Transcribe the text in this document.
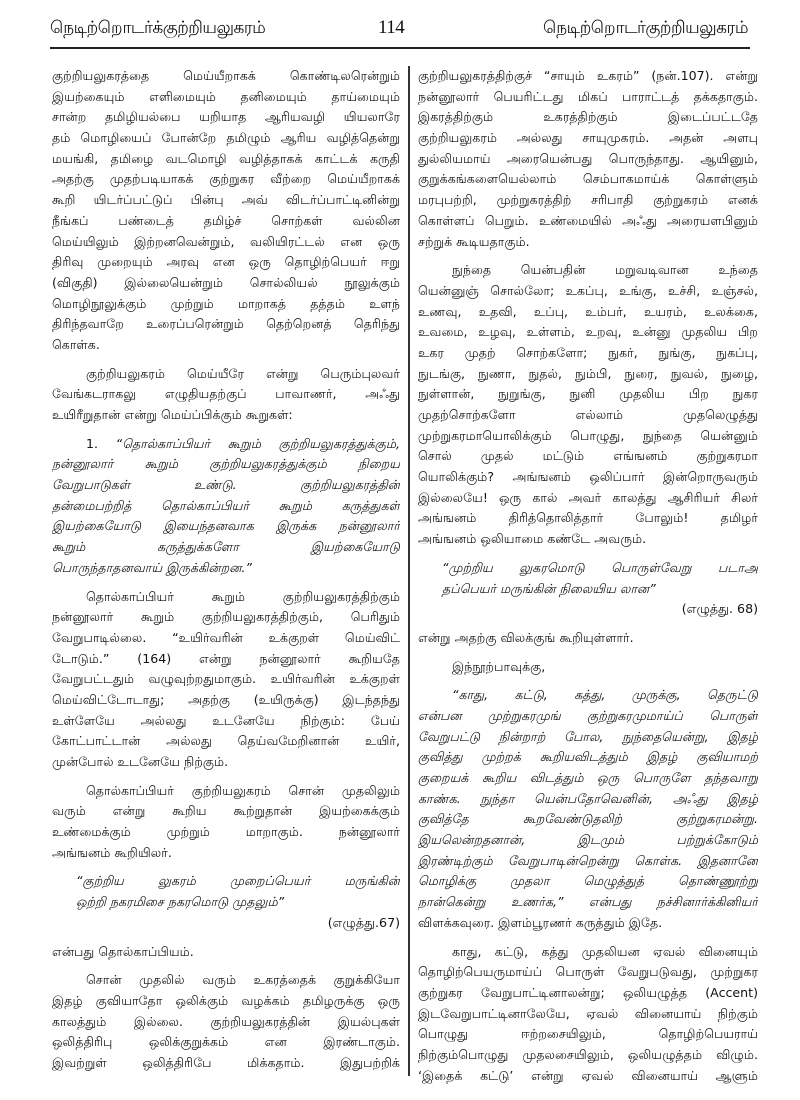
நெடிற்றொடர்க்குற்றியலுகரம்	114	நெடிற்றொடர்குற்றியலுகரம்
குற்றியலுகரத்தை மெய்யீறாகக் கொண்டிலரென்றும்
இயற்கையும் எளிமையும் தனிமையும் தாய்மையும்
சான்ற தமிழியல்பை யறியாத ஆரியவழி யியலாரே
தம் மொழியைப் போன்றே தமிழும் ஆரிய வழித்தென்று
மயங்கி, தமிழை வடமொழி வழித்தாகக் காட்டக் கருதி
அதற்கு முதற்படியாகக் குற்றுகர வீற்றை மெய்யீறாகக்
கூறி யிடர்ப்பட்டுப் பின்பு அவ் விடர்ப்பாட்டினின்று
நீங்கப் பண்டைத் தமிழ்ச் சொற்கள் வல்லின
மெய்யிலும் இற்றனவென்றும், வலியிரட்டல் என ஒரு
திரிவு முறையும் அரவு என ஒரு தொழிற்பெயர் ஈறு
(விகுதி) இல்லையென்றும் சொல்லியல் நூலுக்கும்
மொழிநூலுக்கும் முற்றும் மாறாகத் தத்தம் உளந்
திரிந்தவாறே உரைப்பரென்றும் தெற்றெனத் தெரிந்து
கொள்க.
குற்றியலுகரம் மெய்யீரே என்று பெரும்புலவர்
வேங்கடராகலு எழுதியதற்குப் பாவாணர், அஃது
உயிரீறுதான் என்று மெய்ப்பிக்கும் கூறுகள்:
1. “தொல்காப்பியர் கூறும் குற்றியலுகரத்துக்கும்,
நன்னூலார் கூறும் குற்றியலுகரத்துக்கும் நிறைய
வேறுபாடுகள் உண்டு. குற்றியலுகரத்தின்
தன்மைபற்றித் தொல்காப்பியர் கூறும் கருத்துகள்
இயற்கையோடு இயைந்தனவாக இருக்க நன்னூலார்
கூறும் கருத்துக்களோ இயற்கையோடு
பொருந்தாதனவாய் இருக்கின்றன.”
தொல்காப்பியர் கூறும் குற்றியலுகரத்திற்கும்
நன்னூலார் கூறும் குற்றியலுகரத்திற்கும், பெரிதும்
வேறுபாடில்லை. “உயிர்வரின் உக்குறள் மெய்விட்
டோடும்.” (164) என்று நன்னூலார் கூறியதே
வேறுபட்டதும் வழுவுற்றதுமாகும். உயிர்வரின் உக்குறள்
மெய்விட்டோடாது; அதற்கு (உயிருக்கு) இடந்தந்து
உள்ளேயே அல்லது உடனேயே நிற்கும்: பேய்
கோட்பாட்டான் அல்லது தெய்வமேறினான் உயிர்,
முன்போல் உடனேயே நிற்கும்.
தொல்காப்பியர் குற்றியலுகரம் சொன் முதலிலும்
வரும் என்று கூறிய கூற்றுதான் இயற்கைக்கும்
உண்மைக்கும் முற்றும் மாறாகும். நன்னூலார்
அங்ஙனம் கூறியிலர்.
“குற்றிய லுகரம் முறைப்பெயர் மருங்கின்
ஒற்றி நகரமிசை நகரமொடு முதலும்”
(எழுத்து.67)
என்பது தொல்காப்பியம்.
சொன் முதலில் வரும் உகரத்தைக் குறுக்கியோ
இதழ் குவியாதோ ஒலிக்கும் வழக்கம் தமிழருக்கு ஒரு
காலத்தும் இல்லை. குற்றியலுகரத்தின் இயல்புகள்
ஒலித்திரிபு ஒலிக்குறுக்கம் என இரண்டாகும்.
இவற்றுள் ஒலித்திரிபே மிக்கதாம். இதுபற்றிக்
குற்றியலுகரத்திற்குச் “சாயும் உகரம்” (நன்.107). என்று
நன்னூலார் பெயரிட்டது மிகப் பாராட்டத் தக்கதாகும்.
இகரத்திற்கும் உகரத்திற்கும் இடைப்பட்டதே
குற்றியலுகரம் அல்லது சாயுமுகரம். அதன் அளபு
துல்லியமாய் அரையென்பது பொருந்தாது. ஆயினும்,
குறுக்கங்களையெல்லாம் செம்பாகமாய்க் கொள்ளும்
மரபுபற்றி, முற்றுகரத்திற் சரிபாதி குற்றுகரம் எனக்
கொள்ளப் பெறும். உண்மையில் அஃது அரையளபினும்
சற்றுக் கூடியதாகும்.
நுந்தை யென்பதின் மறுவடிவான உந்தை
யென்னுஞ் சொல்லோ; உகப்பு, உங்கு, உச்சி, உஞ்சல்,
உணவு, உதவி, உப்பு, உம்பர், உயரம், உலக்கை,
உவமை, உழவு, உள்ளம், உறவு, உன்னு முதலிய பிற
உகர முதற் சொற்களோ; நுகர், நுங்கு, நுகப்பு,
நுடங்கு, நுணா, நுதல், நும்பி, நுரை, நுவல், நுழை,
நுள்ளான், நுறுங்கு, நுனி முதலிய பிற நுகர
முதற்சொற்களோ எல்லாம் முதலெழுத்து
முற்றுகரமாயொலிக்கும் பொழுது, நுந்தை யென்னும்
சொல் முதல் மட்டும் எங்ஙனம் குற்றுகரமா
யொலிக்கும்? அங்ஙனம் ஒலிப்பார் இன்றொருவரும்
இல்லையே! ஒரு கால் அவர் காலத்து ஆசிரியர் சிலர்
அங்ஙனம் திரித்தொலித்தார் போலும்! தமிழர்
அங்ஙனம் ஒலியாமை கண்டே அவரும்.
“முற்றிய லுகரமொடு பொருள்வேறு படாஅ
தப்பெயர் மருங்கின் நிலையிய லான”
(எழுத்து. 68)
என்று அதற்கு விலக்குங் கூறியுள்ளார்.
இந்நூற்பாவுக்கு,
“காது, கட்டு, கத்து, முருக்கு, தெருட்டு
என்பன முற்றுகரமுங் குற்றுகரமுமாய்ப் பொருள்
வேறுபட்டு நின்றாற் போல, நுந்தையென்று, இதழ்
குவித்து முற்றக் கூறியவிடத்தும் இதழ் குவியாமற்
குறையக் கூறிய விடத்தும் ஒரு பொருளே தந்தவாறு
காண்க. நுந்தா யென்பதோவெனின், அஃது இதழ்
குவித்தே கூறவேண்டுதலிற் குற்றுகரமன்று.
இயலென்றதனான், இடமும் பற்றுக்கோடும்
இரண்டிற்கும் வேறுபாடின்றென்று கொள்க. இதனானே
மொழிக்கு முதலா மெழுத்துத் தொண்ணூற்று
நான்கென்று உணர்க,” என்பது நச்சினார்க்கினியர்
விளக்கவுரை. இளம்பூரணர் கருத்தும் இதே.
காது, கட்டு, கத்து முதலியன ஏவல் வினையும்
தொழிற்பெயருமாய்ப் பொருள் வேறுபடுவது, முற்றுகர
குற்றுகர வேறுபாட்டினாலன்று; ஒலியழுத்த (Accent)
இடவேறுபாட்டினாலேயே, ஏவல் வினையாய் நிற்கும்
பொழுது ஈற்றசையிலும், தொழிற்பெயராய்
நிற்கும்பொழுது முதலசையிலும், ஒலியழுத்தம் விழும்.
‘இதைக் கட்டு’ என்று ஏவல் வினையாய் ஆளும்
